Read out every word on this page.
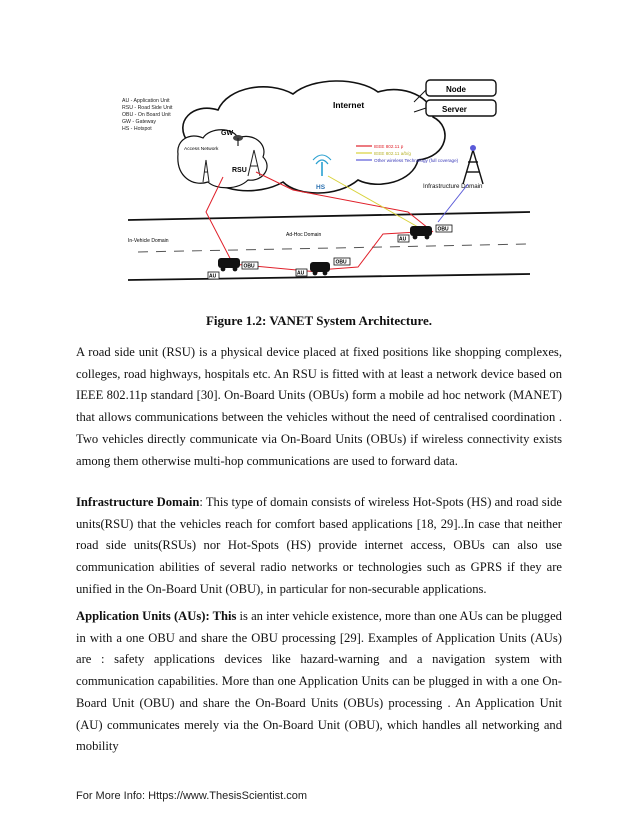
AU - Application Unit
RSU - Road Side Unit
OBU - On Board Unit
GW - Gateway
HS - Hotspot
Internet
Access Network
GW
RSU
Node
Server
IEEE 802.11 p
IEEE 802.11 a/b/g
Other wireless Technology (full coverage)
HS	Infrastructure Domain
In-Vehicle Domain
Ad-Hoc Domain
OBU
AU
OBU
AU
OBU
AU
Figure 1.2: VANET System Architecture.

A road side unit (RSU) is a physical device placed at fixed positions like shopping complexes, colleges, road highways, hospitals etc. An RSU is fitted with at least a network device based on IEEE 802.11p standard [30]. On-Board Units (OBUs) form a mobile ad hoc network (MANET) that allows communications between the vehicles without the need of centralised coordination . Two vehicles directly communicate via On-Board Units (OBUs) if wireless connectivity exists among them otherwise multi-hop communications are used to forward data.

Infrastructure Domain: This type of domain consists of wireless Hot-Spots (HS) and road side units(RSU) that the vehicles reach for comfort based applications [18, 29]..In case that neither road side units(RSUs) nor Hot-Spots (HS) provide internet access, OBUs can also use communication abilities of several radio networks or technologies such as GPRS if they are unified in the On-Board Unit (OBU), in particular for non-securable applications.

Application Units (AUs): This is an inter vehicle existence, more than one AUs can be plugged in with a one OBU and share the OBU processing [29]. Examples of Application Units (AUs) are : safety applications devices like hazard-warning and a navigation system with communication capabilities. More than one Application Units can be plugged in with a one On-Board Unit (OBU) and share the On-Board Units (OBUs) processing . An Application Unit (AU) communicates merely via the On-Board Unit (OBU), which handles all networking and mobility

For More Info: Https://www.ThesisScientist.com
